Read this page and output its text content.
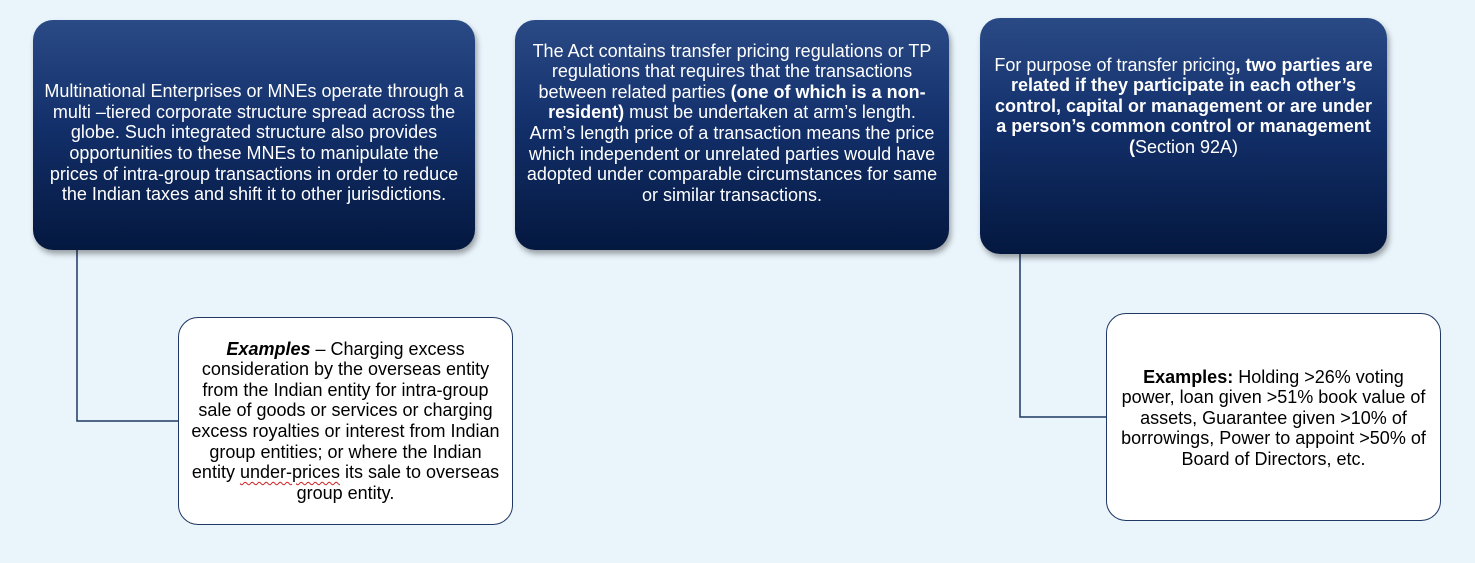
Multinational Enterprises or MNEs operate through a multi –tiered corporate structure spread across the globe. Such integrated structure also provides opportunities to these MNEs to manipulate the prices of intra-group transactions in order to reduce the Indian taxes and shift it to other jurisdictions.

The Act contains transfer pricing regulations or TP regulations that requires that the transactions between related parties (one of which is a non-resident) must be undertaken at arm’s length. Arm’s length price of a transaction means the price which independent or unrelated parties would have adopted under comparable circumstances for same or similar transactions.

For purpose of transfer pricing, two parties are related if they participate in each other’s control, capital or management or are under a person’s common control or management (Section 92A)

Examples – Charging excess consideration by the overseas entity from the Indian entity for intra-group sale of goods or services or charging excess royalties or interest from Indian group entities; or where the Indian entity under-prices its sale to overseas group entity.

Examples: Holding >26% voting power, loan given >51% book value of assets, Guarantee given >10% of borrowings, Power to appoint >50% of Board of Directors, etc.
